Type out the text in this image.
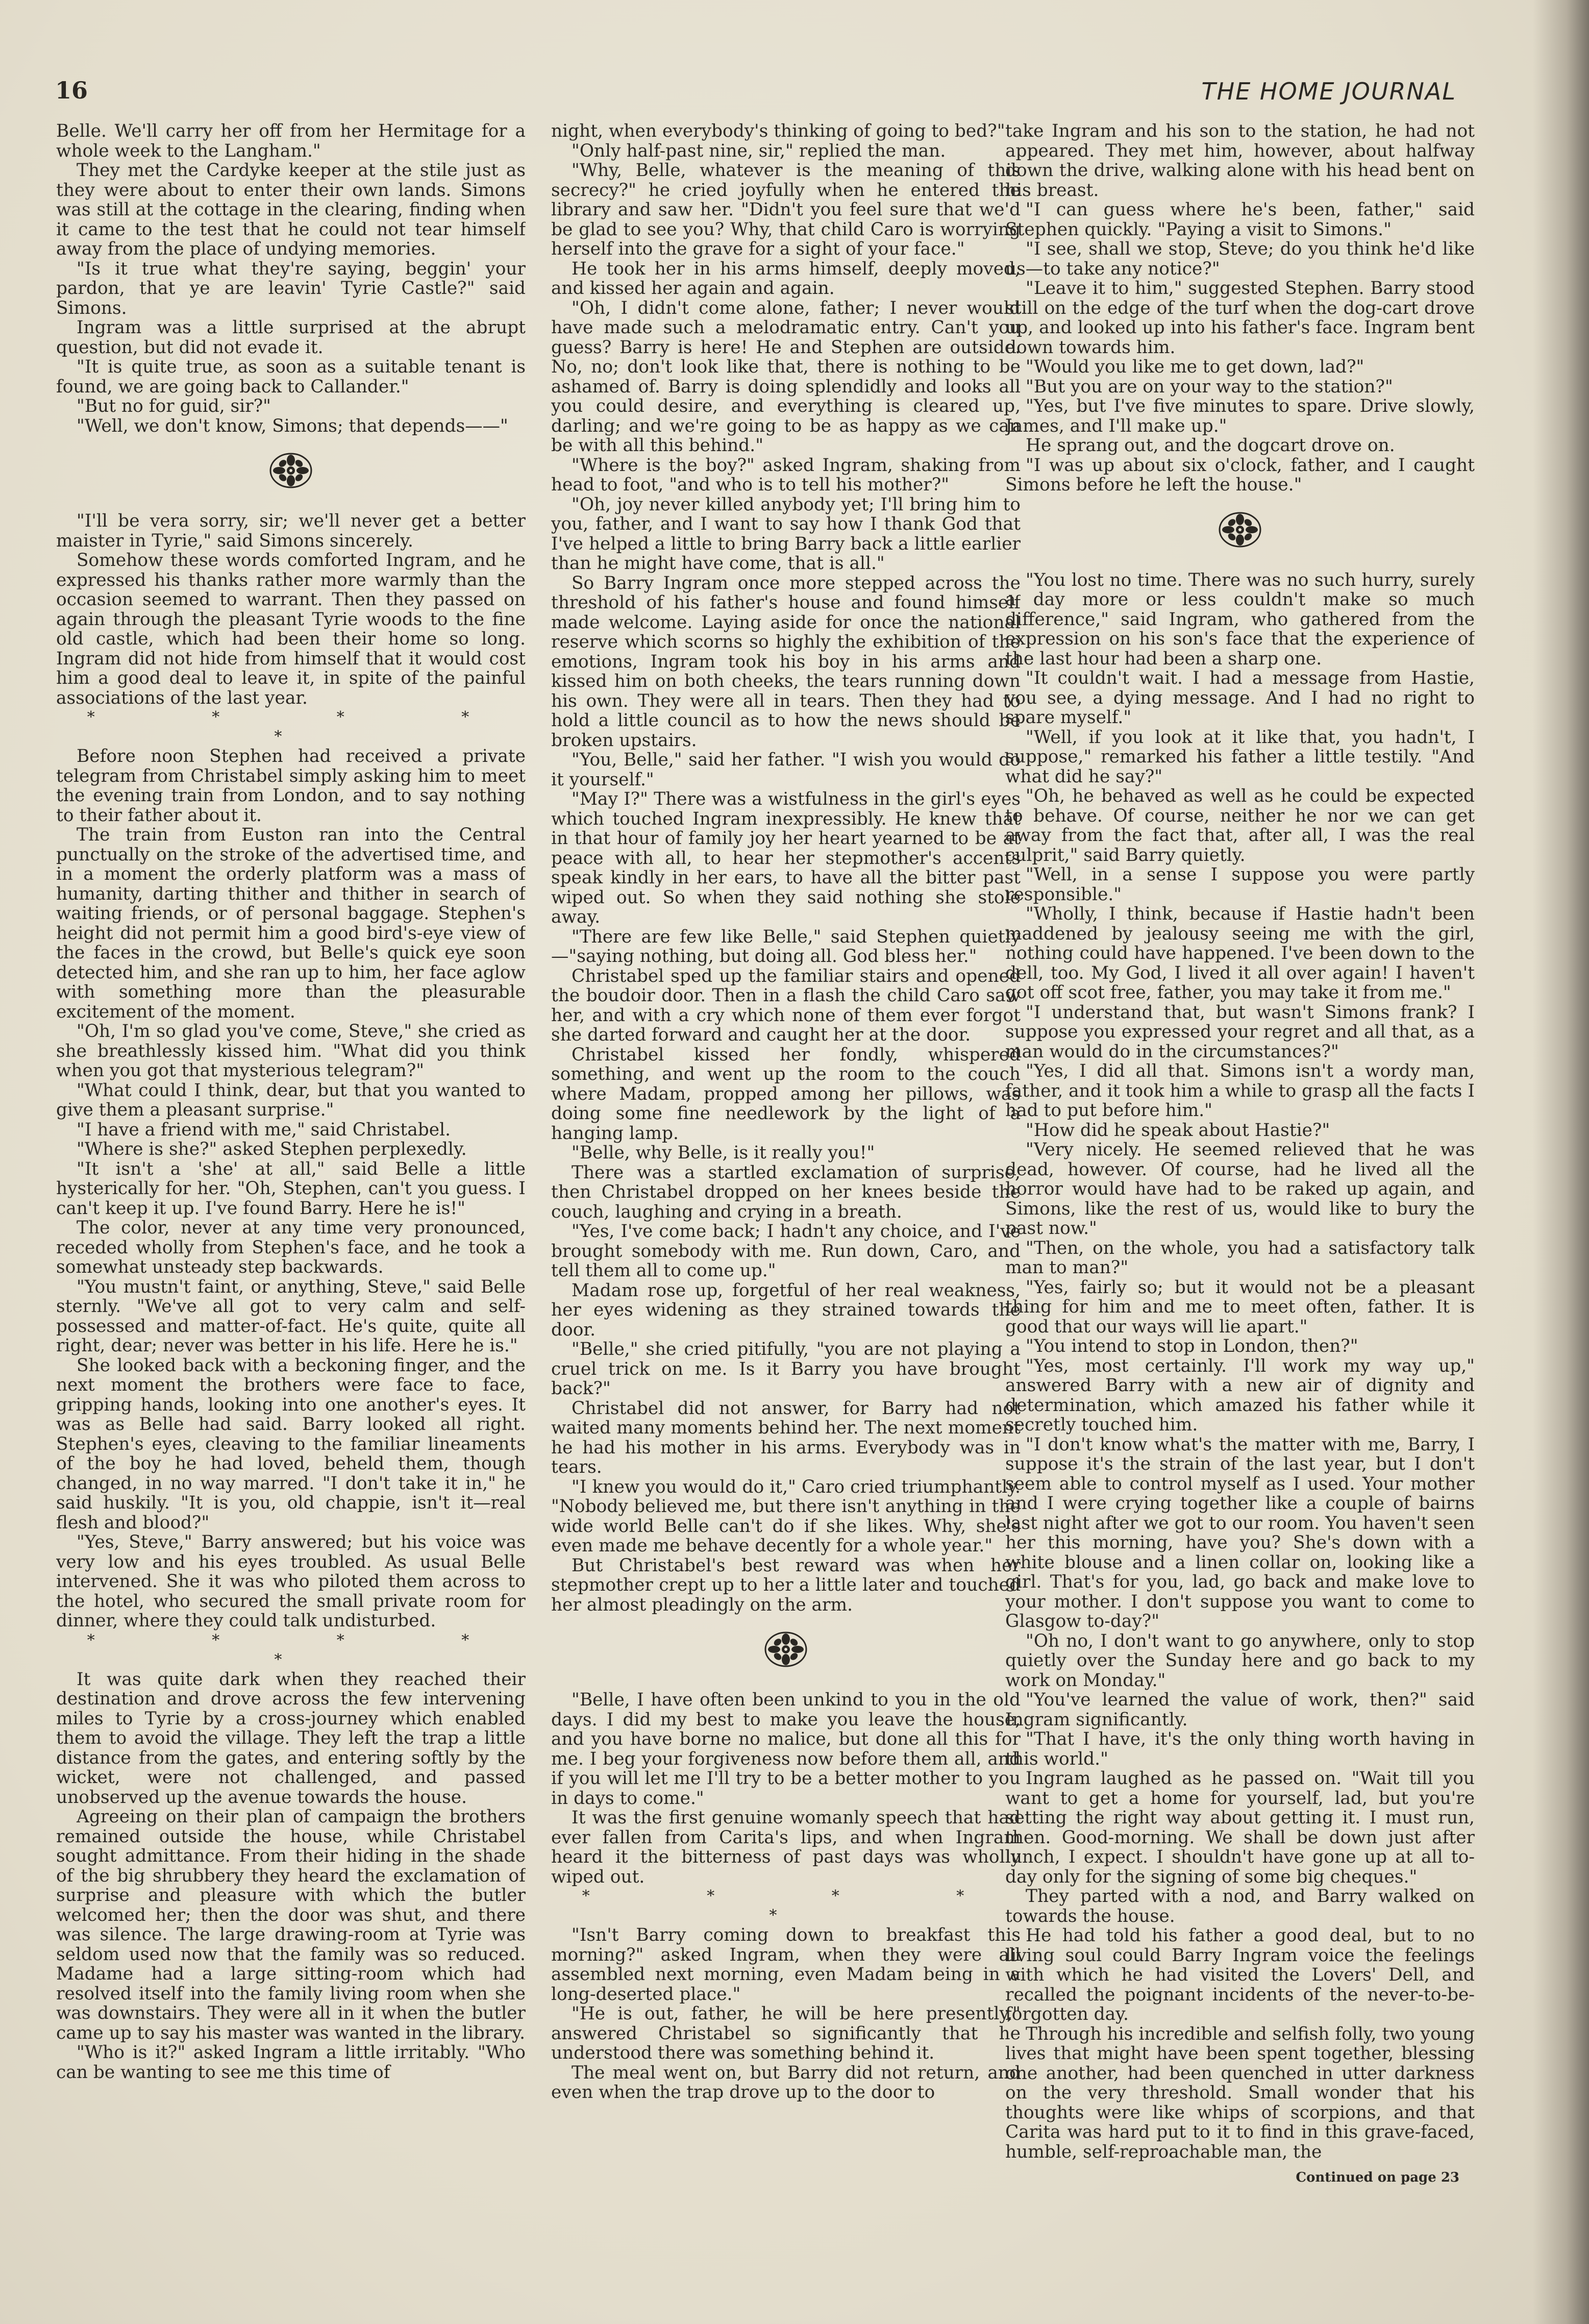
16	THE HOME JOURNAL

Belle. We'll carry her off from her Hermitage for a whole week to the Langham."

They met the Cardyke keeper at the stile just as they were about to enter their own lands. Simons was still at the cottage in the clearing, finding when it came to the test that he could not tear himself away from the place of undying memories.

"Is it true what they're saying, beggin' your pardon, that ye are leavin' Tyrie Castle?" said Simons.

Ingram was a little surprised at the abrupt question, but did not evade it.

"It is quite true, as soon as a suitable tenant is found, we are going back to Callander."

"But no for guid, sir?"

"Well, we don't know, Simons; that depends——"

"I'll be vera sorry, sir; we'll never get a better maister in Tyrie," said Simons sincerely.

Somehow these words comforted Ingram, and he expressed his thanks rather more warmly than the occasion seemed to warrant. Then they passed on again through the pleasant Tyrie woods to the fine old castle, which had been their home so long. Ingram did not hide from himself that it would cost him a good deal to leave it, in spite of the painful associations of the last year.

* * * * *

Before noon Stephen had received a private telegram from Christabel simply asking him to meet the evening train from London, and to say nothing to their father about it.

The train from Euston ran into the Central punctually on the stroke of the advertised time, and in a moment the orderly platform was a mass of humanity, darting thither and thither in search of waiting friends, or of personal baggage. Stephen's height did not permit him a good bird's-eye view of the faces in the crowd, but Belle's quick eye soon detected him, and she ran up to him, her face aglow with something more than the pleasurable excitement of the moment.

"Oh, I'm so glad you've come, Steve," she cried as she breathlessly kissed him. "What did you think when you got that mysterious telegram?"

"What could I think, dear, but that you wanted to give them a pleasant surprise."

"I have a friend with me," said Christabel.

"Where is she?" asked Stephen perplexedly.

"It isn't a 'she' at all," said Belle a little hysterically for her. "Oh, Stephen, can't you guess. I can't keep it up. I've found Barry. Here he is!"

The color, never at any time very pronounced, receded wholly from Stephen's face, and he took a somewhat unsteady step backwards.

"You mustn't faint, or anything, Steve," said Belle sternly. "We've all got to very calm and self-possessed and matter-of-fact. He's quite, quite all right, dear; never was better in his life. Here he is."

She looked back with a beckoning finger, and the next moment the brothers were face to face, gripping hands, looking into one another's eyes. It was as Belle had said. Barry looked all right. Stephen's eyes, cleaving to the familiar lineaments of the boy he had loved, beheld them, though changed, in no way marred. "I don't take it in," he said huskily. "It is you, old chappie, isn't it—real flesh and blood?"

"Yes, Steve," Barry answered; but his voice was very low and his eyes troubled. As usual Belle intervened. She it was who piloted them across to the hotel, who secured the small private room for dinner, where they could talk undisturbed.

* * * * *

It was quite dark when they reached their destination and drove across the few intervening miles to Tyrie by a cross-journey which enabled them to avoid the village. They left the trap a little distance from the gates, and entering softly by the wicket, were not challenged, and passed unobserved up the avenue towards the house.

Agreeing on their plan of campaign the brothers remained outside the house, while Christabel sought admittance. From their hiding in the shade of the big shrubbery they heard the exclamation of surprise and pleasure with which the butler welcomed her; then the door was shut, and there was silence. The large drawing-room at Tyrie was seldom used now that the family was so reduced. Madame had a large sitting-room which had resolved itself into the family living room when she was downstairs. They were all in it when the butler came up to say his master was wanted in the library.

"Who is it?" asked Ingram a little irritably. "Who can be wanting to see me this time of

night, when everybody's thinking of going to bed?"

"Only half-past nine, sir," replied the man.

"Why, Belle, whatever is the meaning of this secrecy?" he cried joyfully when he entered the library and saw her. "Didn't you feel sure that we'd be glad to see you? Why, that child Caro is worrying herself into the grave for a sight of your face."

He took her in his arms himself, deeply moved, and kissed her again and again.

"Oh, I didn't come alone, father; I never would have made such a melodramatic entry. Can't you guess? Barry is here! He and Stephen are outside. No, no; don't look like that, there is nothing to be ashamed of. Barry is doing splendidly and looks all you could desire, and everything is cleared up, darling; and we're going to be as happy as we can be with all this behind."

"Where is the boy?" asked Ingram, shaking from head to foot, "and who is to tell his mother?"

"Oh, joy never killed anybody yet; I'll bring him to you, father, and I want to say how I thank God that I've helped a little to bring Barry back a little earlier than he might have come, that is all."

So Barry Ingram once more stepped across the threshold of his father's house and found himself made welcome. Laying aside for once the national reserve which scorns so highly the exhibition of the emotions, Ingram took his boy in his arms and kissed him on both cheeks, the tears running down his own. They were all in tears. Then they had to hold a little council as to how the news should be broken upstairs.

"You, Belle," said her father. "I wish you would do it yourself."

"May I?" There was a wistfulness in the girl's eyes which touched Ingram inexpressibly. He knew that in that hour of family joy her heart yearned to be at peace with all, to hear her stepmother's accents speak kindly in her ears, to have all the bitter past wiped out. So when they said nothing she stole away.

"There are few like Belle," said Stephen quietly—"saying nothing, but doing all. God bless her."

Christabel sped up the familiar stairs and opened the boudoir door. Then in a flash the child Caro saw her, and with a cry which none of them ever forgot she darted forward and caught her at the door.

Christabel kissed her fondly, whispered something, and went up the room to the couch where Madam, propped among her pillows, was doing some fine needlework by the light of a hanging lamp.

"Belle, why Belle, is it really you!"

There was a startled exclamation of surprise, then Christabel dropped on her knees beside the couch, laughing and crying in a breath.

"Yes, I've come back; I hadn't any choice, and I've brought somebody with me. Run down, Caro, and tell them all to come up."

Madam rose up, forgetful of her real weakness, her eyes widening as they strained towards the door.

"Belle," she cried pitifully, "you are not playing a cruel trick on me. Is it Barry you have brought back?"

Christabel did not answer, for Barry had not waited many moments behind her. The next moment he had his mother in his arms. Everybody was in tears.

"I knew you would do it," Caro cried triumphantly. "Nobody believed me, but there isn't anything in the wide world Belle can't do if she likes. Why, she's even made me behave decently for a whole year."

But Christabel's best reward was when her stepmother crept up to her a little later and touched her almost pleadingly on the arm.

"Belle, I have often been unkind to you in the old days. I did my best to make you leave the house, and you have borne no malice, but done all this for me. I beg your forgiveness now before them all, and if you will let me I'll try to be a better mother to you in days to come."

It was the first genuine womanly speech that had ever fallen from Carita's lips, and when Ingram heard it the bitterness of past days was wholly wiped out.

* * * * *

"Isn't Barry coming down to breakfast this morning?" asked Ingram, when they were all assembled next morning, even Madam being in a long-deserted place."

"He is out, father, he will be here presently," answered Christabel so significantly that he understood there was something behind it.

The meal went on, but Barry did not return, and even when the trap drove up to the door to

take Ingram and his son to the station, he had not appeared. They met him, however, about halfway down the drive, walking alone with his head bent on his breast.

"I can guess where he's been, father," said Stephen quickly. "Paying a visit to Simons."

"I see, shall we stop, Steve; do you think he'd like us—to take any notice?"

"Leave it to him," suggested Stephen. Barry stood still on the edge of the turf when the dog-cart drove up, and looked up into his father's face. Ingram bent down towards him.

"Would you like me to get down, lad?"

"But you are on your way to the station?"

"Yes, but I've five minutes to spare. Drive slowly, James, and I'll make up."

He sprang out, and the dogcart drove on.

"I was up about six o'clock, father, and I caught Simons before he left the house."

"You lost no time. There was no such hurry, surely a day more or less couldn't make so much difference," said Ingram, who gathered from the expression on his son's face that the experience of the last hour had been a sharp one.

"It couldn't wait. I had a message from Hastie, you see, a dying message. And I had no right to spare myself."

"Well, if you look at it like that, you hadn't, I suppose," remarked his father a little testily. "And what did he say?"

"Oh, he behaved as well as he could be expected to behave. Of course, neither he nor we can get away from the fact that, after all, I was the real culprit," said Barry quietly.

"Well, in a sense I suppose you were partly responsible."

"Wholly, I think, because if Hastie hadn't been maddened by jealousy seeing me with the girl, nothing could have happened. I've been down to the dell, too. My God, I lived it all over again! I haven't got off scot free, father, you may take it from me."

"I understand that, but wasn't Simons frank? I suppose you expressed your regret and all that, as a man would do in the circumstances?"

"Yes, I did all that. Simons isn't a wordy man, father, and it took him a while to grasp all the facts I had to put before him."

"How did he speak about Hastie?"

"Very nicely. He seemed relieved that he was dead, however. Of course, had he lived all the horror would have had to be raked up again, and Simons, like the rest of us, would like to bury the past now."

"Then, on the whole, you had a satisfactory talk man to man?"

"Yes, fairly so; but it would not be a pleasant thing for him and me to meet often, father. It is good that our ways will lie apart."

"You intend to stop in London, then?"

"Yes, most certainly. I'll work my way up," answered Barry with a new air of dignity and determination, which amazed his father while it secretly touched him.

"I don't know what's the matter with me, Barry, I suppose it's the strain of the last year, but I don't seem able to control myself as I used. Your mother and I were crying together like a couple of bairns last night after we got to our room. You haven't seen her this morning, have you? She's down with a white blouse and a linen collar on, looking like a girl. That's for you, lad, go back and make love to your mother. I don't suppose you want to come to Glasgow to-day?"

"Oh no, I don't want to go anywhere, only to stop quietly over the Sunday here and go back to my work on Monday."

"You've learned the value of work, then?" said Ingram significantly.

"That I have, it's the only thing worth having in this world."

Ingram laughed as he passed on. "Wait till you want to get a home for yourself, lad, but you're setting the right way about getting it. I must run, then. Good-morning. We shall be down just after lunch, I expect. I shouldn't have gone up at all to-day only for the signing of some big cheques."

They parted with a nod, and Barry walked on towards the house.

He had told his father a good deal, but to no living soul could Barry Ingram voice the feelings with which he had visited the Lovers' Dell, and recalled the poignant incidents of the never-to-be-forgotten day.

Through his incredible and selfish folly, two young lives that might have been spent together, blessing one another, had been quenched in utter darkness on the very threshold. Small wonder that his thoughts were like whips of scorpions, and that Carita was hard put to it to find in this grave-faced, humble, self-reproachable man, the

Continued on page 23
